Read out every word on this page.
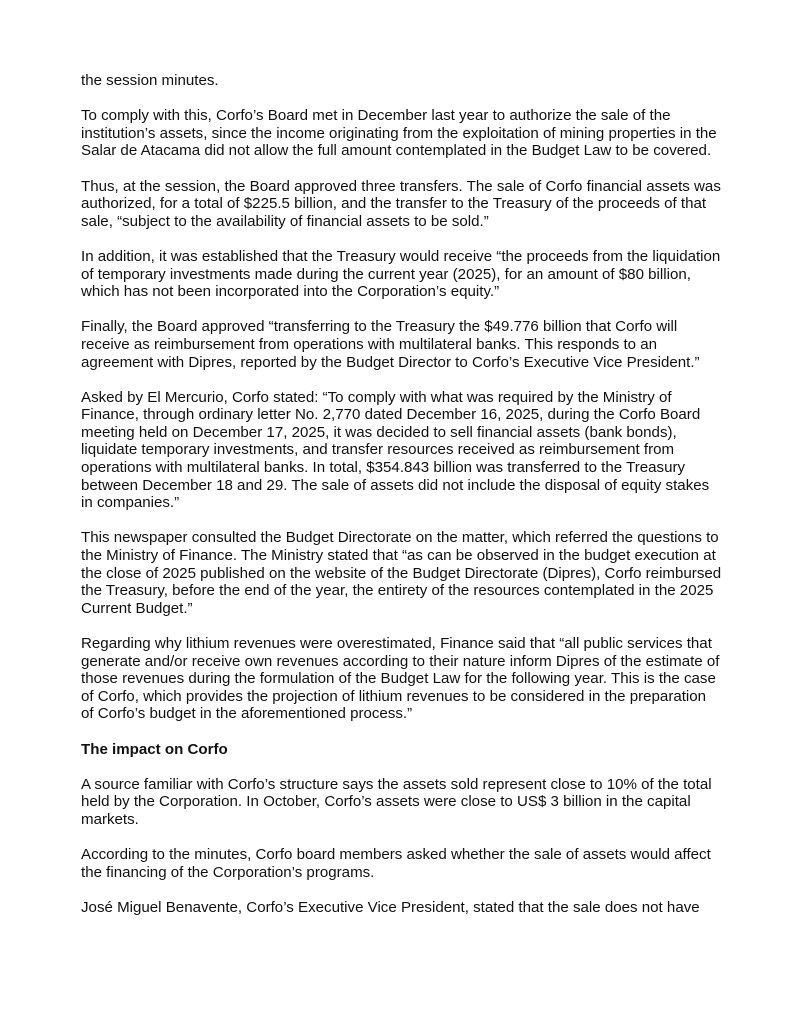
the session minutes.

To comply with this, Corfo’s Board met in December last year to authorize the sale of the institution’s assets, since the income originating from the exploitation of mining properties in the Salar de Atacama did not allow the full amount contemplated in the Budget Law to be covered.

Thus, at the session, the Board approved three transfers. The sale of Corfo financial assets was authorized, for a total of $225.5 billion, and the transfer to the Treasury of the proceeds of that sale, “subject to the availability of financial assets to be sold.”

In addition, it was established that the Treasury would receive “the proceeds from the liquidation of temporary investments made during the current year (2025), for an amount of $80 billion, which has not been incorporated into the Corporation’s equity.”

Finally, the Board approved “transferring to the Treasury the $49.776 billion that Corfo will receive as reimbursement from operations with multilateral banks. This responds to an agreement with Dipres, reported by the Budget Director to Corfo’s Executive Vice President.”

Asked by El Mercurio, Corfo stated: “To comply with what was required by the Ministry of Finance, through ordinary letter No. 2,770 dated December 16, 2025, during the Corfo Board meeting held on December 17, 2025, it was decided to sell financial assets (bank bonds), liquidate temporary investments, and transfer resources received as reimbursement from operations with multilateral banks. In total, $354.843 billion was transferred to the Treasury between December 18 and 29. The sale of assets did not include the disposal of equity stakes in companies.”

This newspaper consulted the Budget Directorate on the matter, which referred the questions to the Ministry of Finance. The Ministry stated that “as can be observed in the budget execution at the close of 2025 published on the website of the Budget Directorate (Dipres), Corfo reimbursed the Treasury, before the end of the year, the entirety of the resources contemplated in the 2025 Current Budget.”

Regarding why lithium revenues were overestimated, Finance said that “all public services that generate and/or receive own revenues according to their nature inform Dipres of the estimate of those revenues during the formulation of the Budget Law for the following year. This is the case of Corfo, which provides the projection of lithium revenues to be considered in the preparation of Corfo’s budget in the aforementioned process.”

The impact on Corfo

A source familiar with Corfo’s structure says the assets sold represent close to 10% of the total held by the Corporation. In October, Corfo’s assets were close to US$ 3 billion in the capital markets.

According to the minutes, Corfo board members asked whether the sale of assets would affect the financing of the Corporation’s programs.

José Miguel Benavente, Corfo’s Executive Vice President, stated that the sale does not have
